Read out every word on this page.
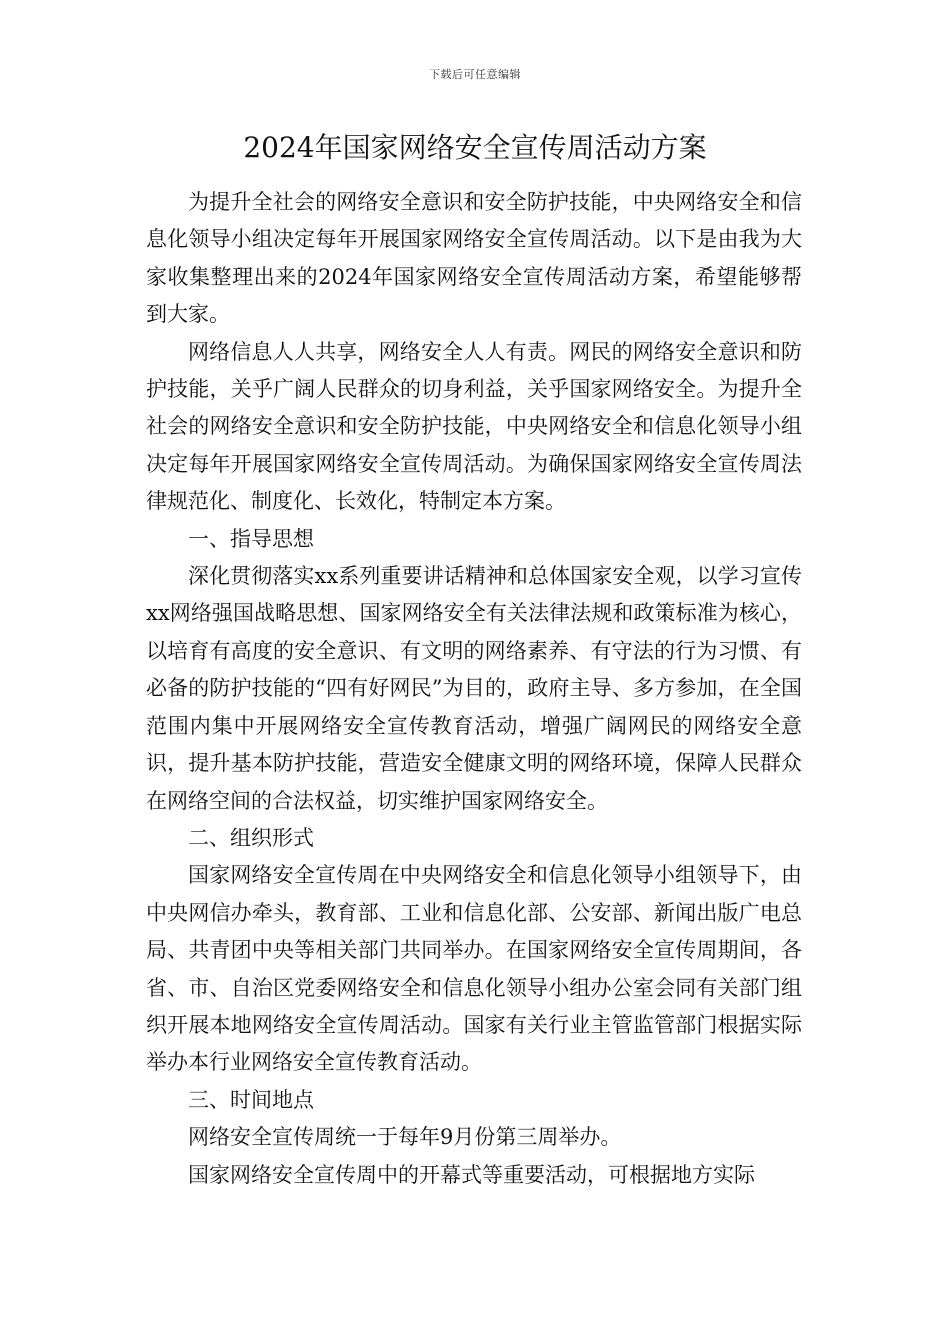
下载后可任意编辑
2024年国家网络安全宣传周活动方案

为提升全社会的网络安全意识和安全防护技能，中央网络安全和信息化领导小组决定每年开展国家网络安全宣传周活动。以下是由我为大家收集整理出来的2024年国家网络安全宣传周活动方案，希望能够帮到大家。

网络信息人人共享，网络安全人人有责。网民的网络安全意识和防护技能，关乎广阔人民群众的切身利益，关乎国家网络安全。为提升全社会的网络安全意识和安全防护技能，中央网络安全和信息化领导小组决定每年开展国家网络安全宣传周活动。为确保国家网络安全宣传周法律规范化、制度化、长效化，特制定本方案。

一、指导思想

深化贯彻落实xx系列重要讲话精神和总体国家安全观，以学习宣传xx网络强国战略思想、国家网络安全有关法律法规和政策标准为核心，以培育有高度的安全意识、有文明的网络素养、有守法的行为习惯、有必备的防护技能的“四有好网民”为目的，政府主导、多方参加，在全国范围内集中开展网络安全宣传教育活动，增强广阔网民的网络安全意识，提升基本防护技能，营造安全健康文明的网络环境，保障人民群众在网络空间的合法权益，切实维护国家网络安全。

二、组织形式

国家网络安全宣传周在中央网络安全和信息化领导小组领导下，由中央网信办牵头，教育部、工业和信息化部、公安部、新闻出版广电总局、共青团中央等相关部门共同举办。在国家网络安全宣传周期间，各省、市、自治区党委网络安全和信息化领导小组办公室会同有关部门组织开展本地网络安全宣传周活动。国家有关行业主管监管部门根据实际举办本行业网络安全宣传教育活动。

三、时间地点

网络安全宣传周统一于每年9月份第三周举办。

国家网络安全宣传周中的开幕式等重要活动，可根据地方实际
